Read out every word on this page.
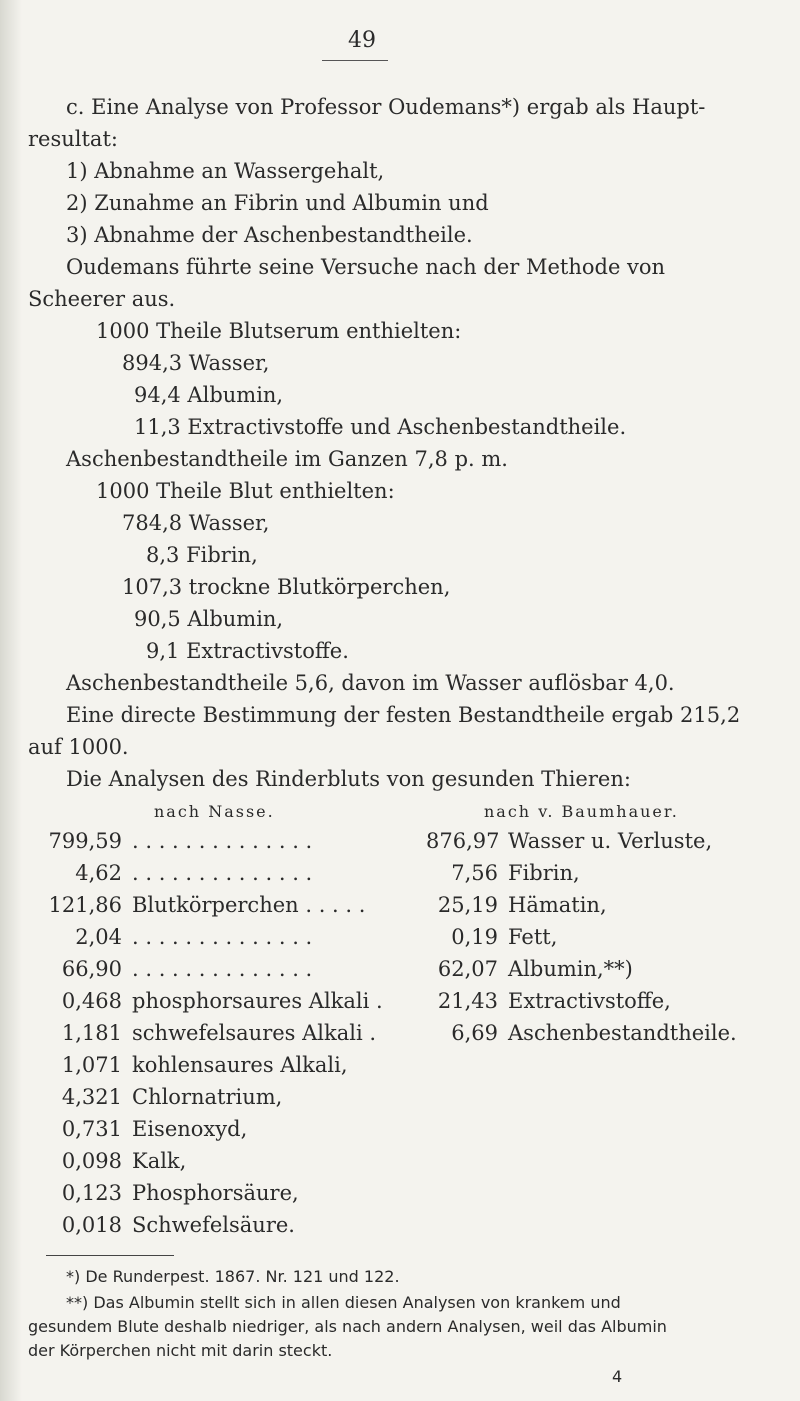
49
c. Eine Analyse von Professor Oudemans*) ergab als Haupt-
resultat:
1) Abnahme an Wassergehalt,
2) Zunahme an Fibrin und Albumin und
3) Abnahme der Aschenbestandtheile.
Oudemans führte seine Versuche nach der Methode von
Scheerer aus.
1000 Theile Blutserum enthielten:
894,3 Wasser,
94,4 Albumin,
11,3 Extractivstoffe und Aschenbestandtheile.
Aschenbestandtheile im Ganzen 7,8 p. m.
1000 Theile Blut enthielten:
784,8 Wasser,
8,3 Fibrin,
107,3 trockne Blutkörperchen,
90,5 Albumin,
9,1 Extractivstoffe.
Aschenbestandtheile 5,6, davon im Wasser auflösbar 4,0.
Eine directe Bestimmung der festen Bestandtheile ergab 215,2
auf 1000.
Die Analysen des Rinderbluts von gesunden Thieren:
nach Nasse.	nach v. Baumhauer.
*) De Runderpest. 1867. Nr. 121 und 122.
**) Das Albumin stellt sich in allen diesen Analysen von krankem und
gesundem Blute deshalb niedriger, als nach andern Analysen, weil das Albumin
der Körperchen nicht mit darin steckt.
4
799,59 . . . . . . . . . . . . . .
4,62 . . . . . . . . . . . . . .
121,86 Blutkörperchen . . . . .
2,04 . . . . . . . . . . . . . .
66,90 . . . . . . . . . . . . . .
0,468 phosphorsaures Alkali .
1,181 schwefelsaures Alkali .
1,071 kohlensaures Alkali,
4,321 Chlornatrium,
0,731 Eisenoxyd,
0,098 Kalk,
0,123 Phosphorsäure,
0,018 Schwefelsäure.
876,97 Wasser u. Verluste,
7,56 Fibrin,
25,19 Hämatin,
0,19 Fett,
62,07 Albumin,**)
21,43 Extractivstoffe,
6,69 Aschenbestandtheile.
